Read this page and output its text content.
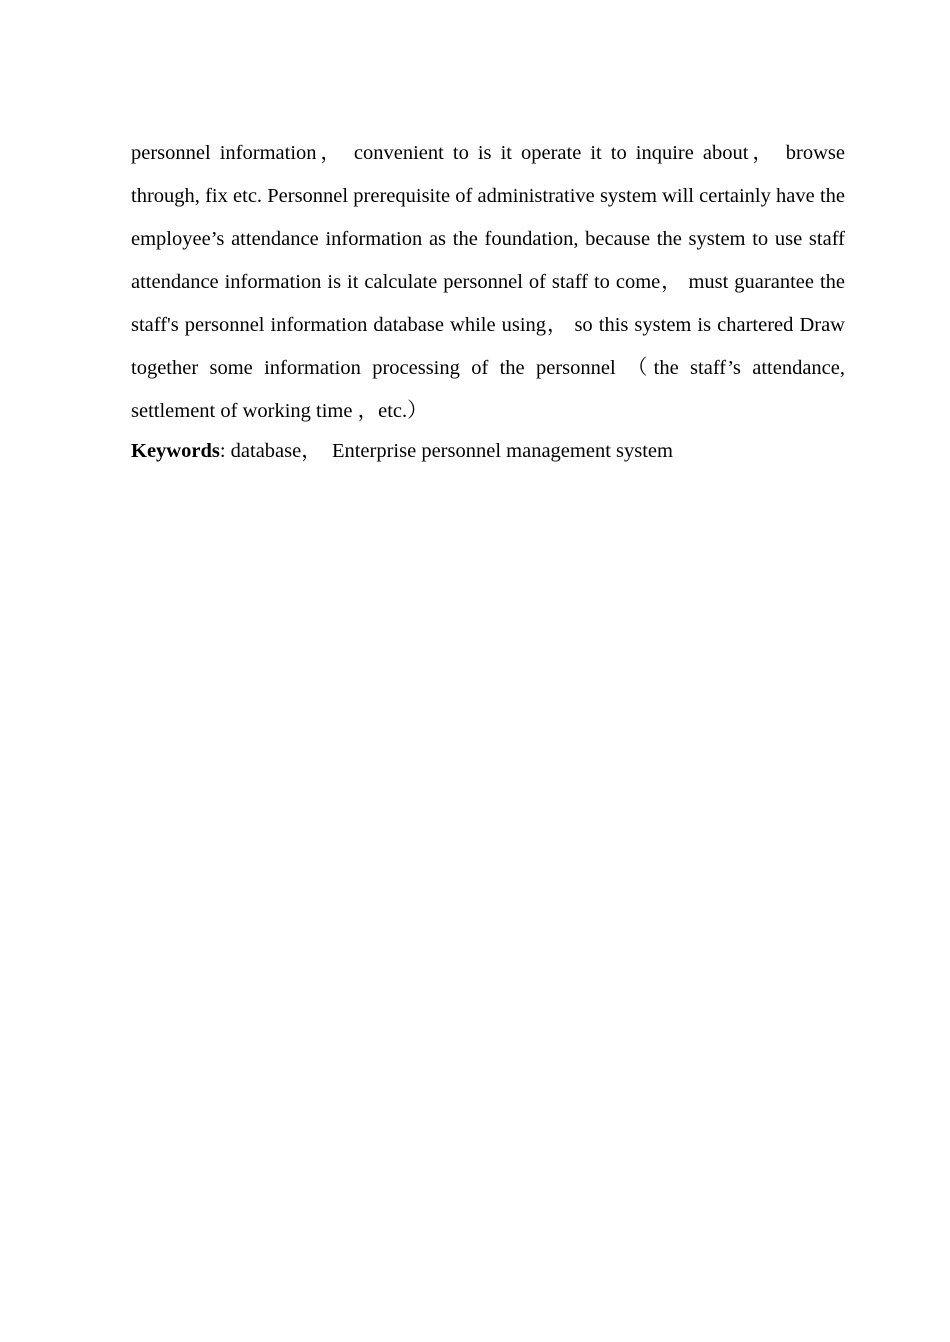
personnel information， convenient to is it operate it to inquire about， browse through, fix etc. Personnel prerequisite of administrative system will certainly have the employee’s attendance information as the foundation, because the system to use staff attendance information is it calculate personnel of staff to come， must guarantee the staff's personnel information database while using， so this system is chartered Draw together some information processing of the personnel （the staff’s attendance, settlement of working time ，etc.）

Keywords: database，  Enterprise personnel management system
